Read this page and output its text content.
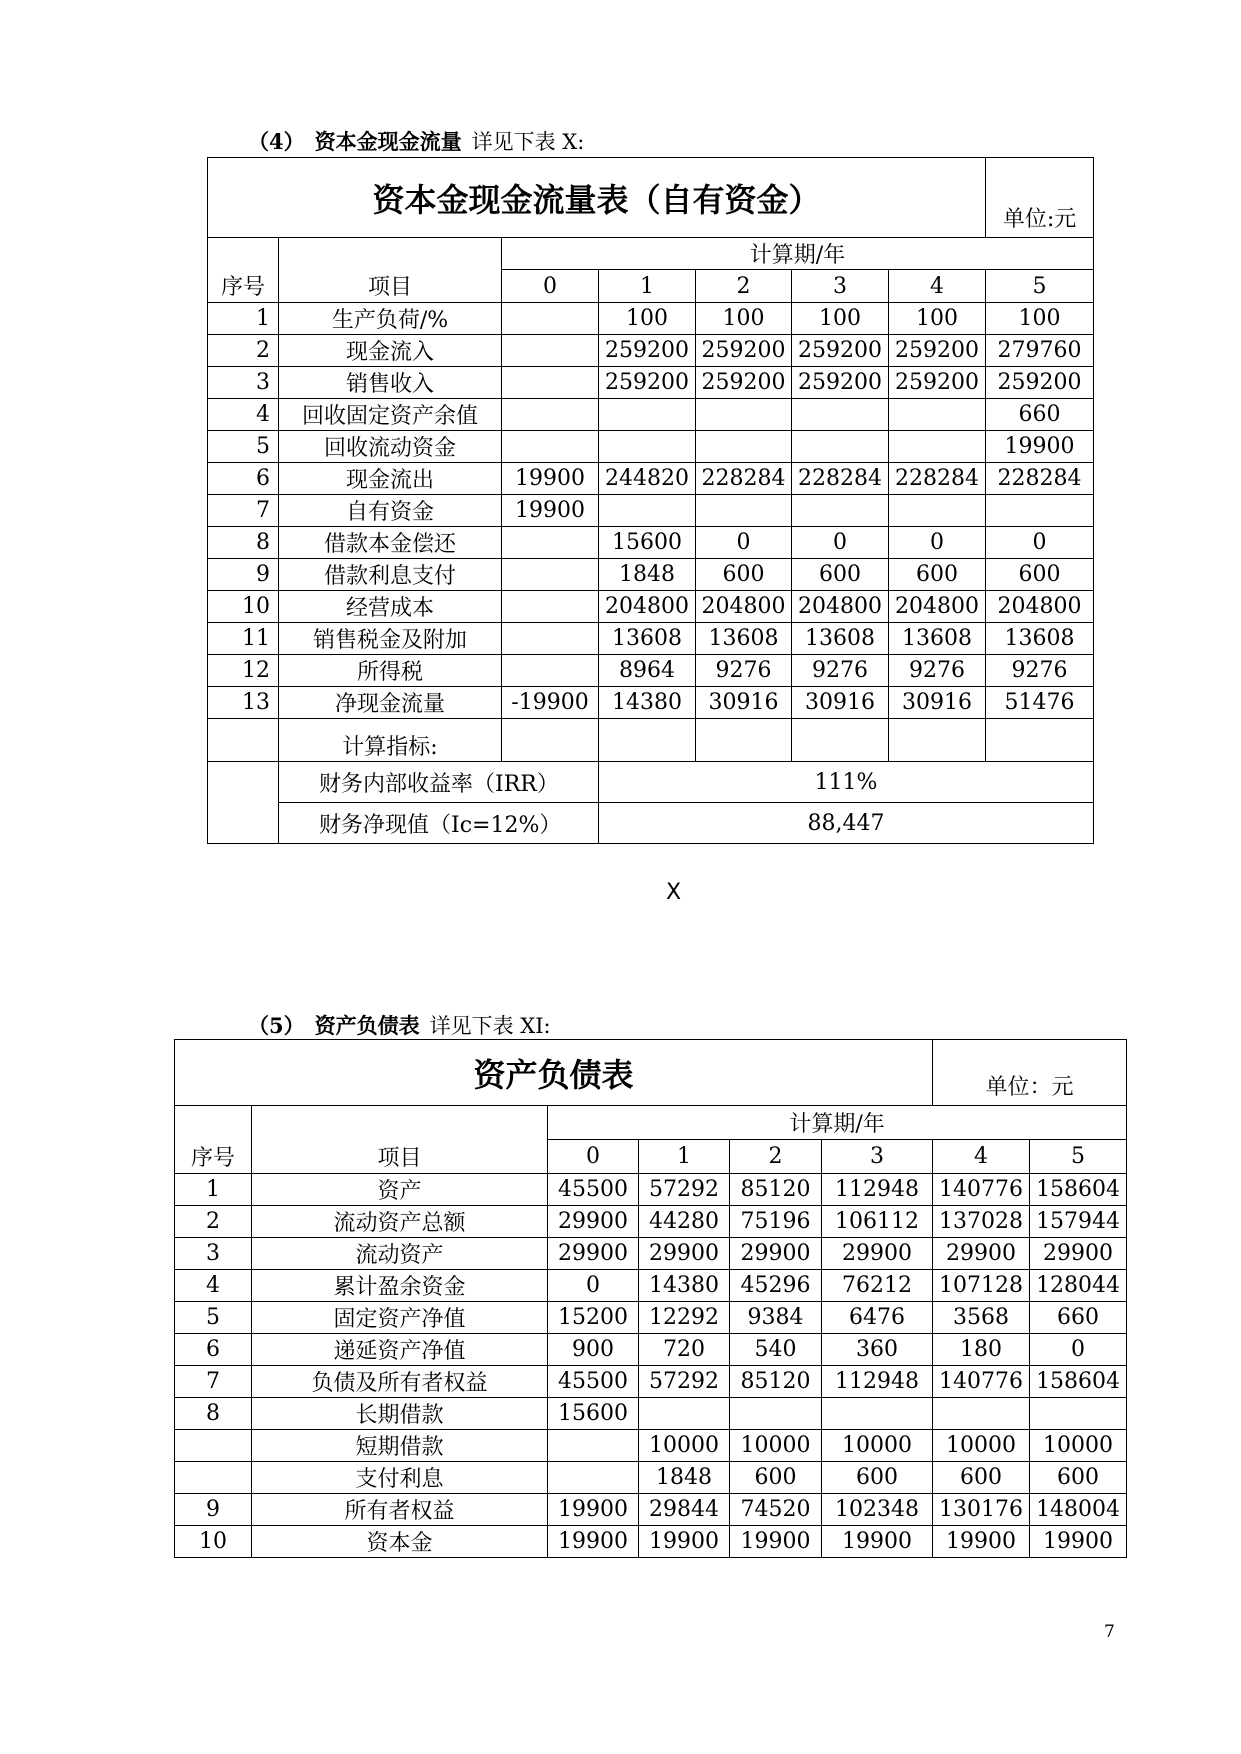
（4） 资本金现金流量 详见下表 X:
资本金现金流量表（自有资金）							单位:元
		计算期/年					
序号	项目	0	1	2	3	4	5
1	生产负荷/%		100	100	100	100	100
2	现金流入		259200	259200	259200	259200	279760
3	销售收入		259200	259200	259200	259200	259200
4	回收固定资产余值						660
5	回收流动资金						19900
6	现金流出	19900	244820	228284	228284	228284	228284
7	自有资金	19900					
8	借款本金偿还		15600	0	0	0	0
9	借款利息支付		1848	600	600	600	600
10	经营成本		204800	204800	204800	204800	204800
11	销售税金及附加		13608	13608	13608	13608	13608
12	所得税		8964	9276	9276	9276	9276
13	净现金流量	-19900	14380	30916	30916	30916	51476
	计算指标:						
	财务内部收益率（IRR）		111%				
	财务净现值（Ic=12%）		88,447				
X
（5） 资产负债表 详见下表 XI:
资产负债表						单位：元	
		计算期/年					
序号	项目	0	1	2	3	4	5
1	资产	45500	57292	85120	112948	140776	158604
2	流动资产总额	29900	44280	75196	106112	137028	157944
3	流动资产	29900	29900	29900	29900	29900	29900
4	累计盈余资金	0	14380	45296	76212	107128	128044
5	固定资产净值	15200	12292	9384	6476	3568	660
6	递延资产净值	900	720	540	360	180	0
7	负债及所有者权益	45500	57292	85120	112948	140776	158604
8	长期借款	15600					
	短期借款		10000	10000	10000	10000	10000
	支付利息		1848	600	600	600	600
9	所有者权益	19900	29844	74520	102348	130176	148004
10	资本金	19900	19900	19900	19900	19900	19900
7
